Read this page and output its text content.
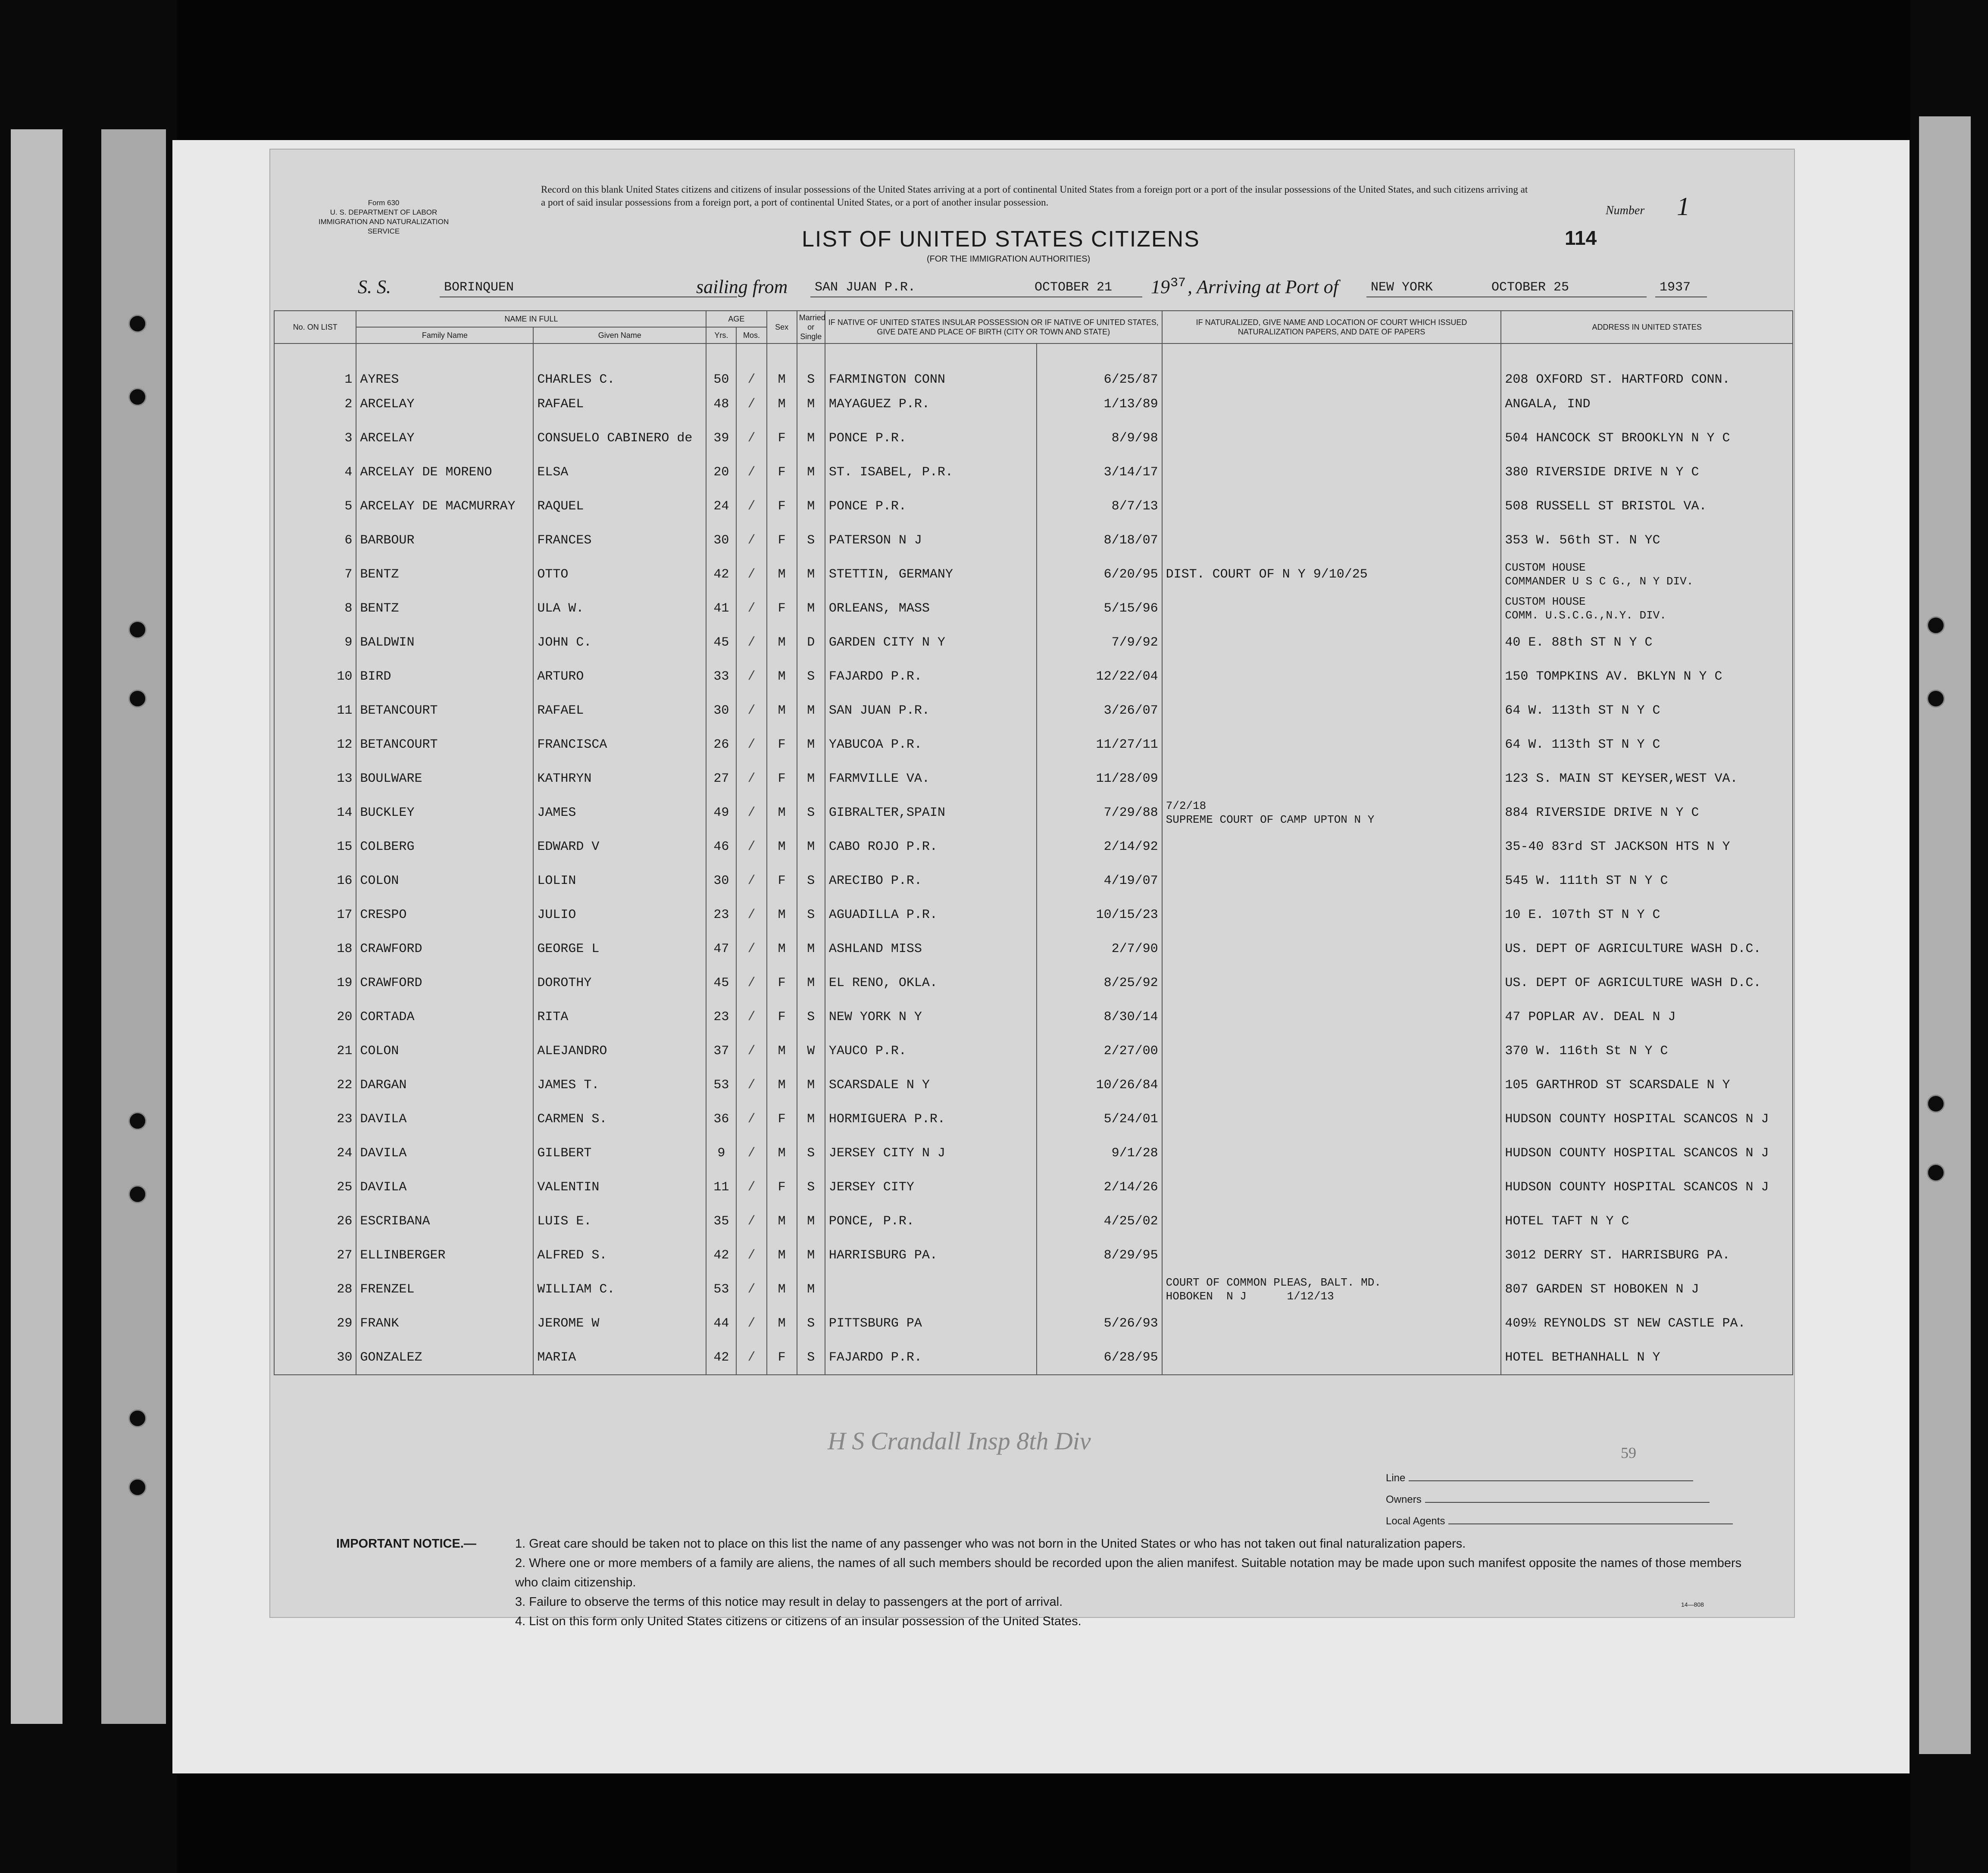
Form 630
U. S. DEPARTMENT OF LABOR
IMMIGRATION AND NATURALIZATION SERVICE
Record on this blank United States citizens and citizens of insular possessions of the United States arriving at a port of continental United States from a foreign port or a port of the insular possessions of the United States, and such citizens arriving at a port of said insular possessions from a foreign port, a port of continental United States, or a port of another insular possession.
Number 1
114
LIST OF UNITED STATES CITIZENS
(FOR THE IMMIGRATION AUTHORITIES)
S. S.	BORINQUEN	sailing from SAN JUAN P.R.	OCTOBER 21 19 37 , Arriving at Port of	NEW YORK	OCTOBER 25	1937
No. ON LIST	NAME IN FULL		AGE		Sex	Married or Single	IF NATIVE OF UNITED STATES INSULAR POSSESSION OR IF NATIVE OF UNITED STATES, GIVE DATE AND PLACE OF BIRTH (CITY OR TOWN AND STATE)		IF NATURALIZED, GIVE NAME AND LOCATION OF COURT WHICH ISSUED NATURALIZATION PAPERS, AND DATE OF PAPERS	ADDRESS IN UNITED STATES
	Family Name	Given Name	Yrs.	Mos.						
1	AYRES	CHARLES C.	50	/	M	S	FARMINGTON CONN	6/25/87		208 OXFORD ST. HARTFORD CONN.
2	ARCELAY	RAFAEL	48	/	M	M	MAYAGUEZ P.R.	1/13/89		ANGALA, IND
3	ARCELAY	CONSUELO CABINERO de	39	/	F	M	PONCE P.R.	8/9/98		504 HANCOCK ST BROOKLYN N Y C
4	ARCELAY DE MORENO	ELSA	20	/	F	M	ST. ISABEL, P.R.	3/14/17		380 RIVERSIDE DRIVE N Y C
5	ARCELAY DE MACMURRAY	RAQUEL	24	/	F	M	PONCE P.R.	8/7/13		508 RUSSELL ST BRISTOL VA.
6	BARBOUR	FRANCES	30	/	F	S	PATERSON N J	8/18/07		353 W. 56th ST. N YC
7	BENTZ	OTTO	42	/	M	M	STETTIN, GERMANY	6/20/95	DIST. COURT OF N Y 9/10/25	CUSTOM HOUSE
COMMANDER U S C G., N Y DIV.
8	BENTZ	ULA W.	41	/	F	M	ORLEANS, MASS	5/15/96		CUSTOM HOUSE
COMM. U.S.C.G.,N.Y. DIV.
9	BALDWIN	JOHN C.	45	/	M	D	GARDEN CITY N Y	7/9/92		40 E. 88th ST N Y C
10	BIRD	ARTURO	33	/	M	S	FAJARDO P.R.	12/22/04		150 TOMPKINS AV. BKLYN N Y C
11	BETANCOURT	RAFAEL	30	/	M	M	SAN JUAN P.R.	3/26/07		64 W. 113th ST N Y C
12	BETANCOURT	FRANCISCA	26	/	F	M	YABUCOA P.R.	11/27/11		64 W. 113th ST N Y C
13	BOULWARE	KATHRYN	27	/	F	M	FARMVILLE VA.	11/28/09		123 S. MAIN ST KEYSER,WEST VA.
14	BUCKLEY	JAMES	49	/	M	S	GIBRALTER,SPAIN	7/29/88	7/2/18
SUPREME COURT OF CAMP UPTON N Y	884 RIVERSIDE DRIVE N Y C
15	COLBERG	EDWARD V	46	/	M	M	CABO ROJO P.R.	2/14/92		35-40 83rd ST JACKSON HTS N Y
16	COLON	LOLIN	30	/	F	S	ARECIBO P.R.	4/19/07		545 W. 111th ST N Y C
17	CRESPO	JULIO	23	/	M	S	AGUADILLA P.R.	10/15/23		10 E. 107th ST N Y C
18	CRAWFORD	GEORGE L	47	/	M	M	ASHLAND MISS	2/7/90		US. DEPT OF AGRICULTURE WASH D.C.
19	CRAWFORD	DOROTHY	45	/	F	M	EL RENO, OKLA.	8/25/92		US. DEPT OF AGRICULTURE WASH D.C.
20	CORTADA	RITA	23	/	F	S	NEW YORK N Y	8/30/14		47 POPLAR AV. DEAL N J
21	COLON	ALEJANDRO	37	/	M	W	YAUCO P.R.	2/27/00		370 W. 116th St N Y C
22	DARGAN	JAMES T.	53	/	M	M	SCARSDALE N Y	10/26/84		105 GARTHROD ST SCARSDALE N Y
23	DAVILA	CARMEN S.	36	/	F	M	HORMIGUERA P.R.	5/24/01		HUDSON COUNTY HOSPITAL SCANCOS N J
24	DAVILA	GILBERT	9	/	M	S	JERSEY CITY N J	9/1/28		HUDSON COUNTY HOSPITAL SCANCOS N J
25	DAVILA	VALENTIN	11	/	F	S	JERSEY CITY	2/14/26		HUDSON COUNTY HOSPITAL SCANCOS N J
26	ESCRIBANA	LUIS E.	35	/	M	M	PONCE, P.R.	4/25/02		HOTEL TAFT N Y C
27	ELLINBERGER	ALFRED S.	42	/	M	M	HARRISBURG PA.	8/29/95		3012 DERRY ST. HARRISBURG PA.
28	FRENZEL	WILLIAM C.	53	/	M	M			COURT OF COMMON PLEAS, BALT. MD.
HOBOKEN  N J      1/12/13	807 GARDEN ST HOBOKEN N J
29	FRANK	JEROME W	44	/	M	S	PITTSBURG PA	5/26/93		409½ REYNOLDS ST NEW CASTLE PA.
30	GONZALEZ	MARIA	42	/	F	S	FAJARDO P.R.	6/28/95		HOTEL BETHANHALL N Y
H S Crandall Insp 8th Div	59
Line
Owners
Local Agents
IMPORTANT NOTICE.—	1. Great care should be taken not to place on this list the name of any passenger who was not born in the United States or who has not taken out final naturalization papers.
2. Where one or more members of a family are aliens, the names of all such members should be recorded upon the alien manifest. Suitable notation may be made upon such manifest opposite the names of those members who claim citizenship.
3. Failure to observe the terms of this notice may result in delay to passengers at the port of arrival.
4. List on this form only United States citizens or citizens of an insular possession of the United States.
14—808
